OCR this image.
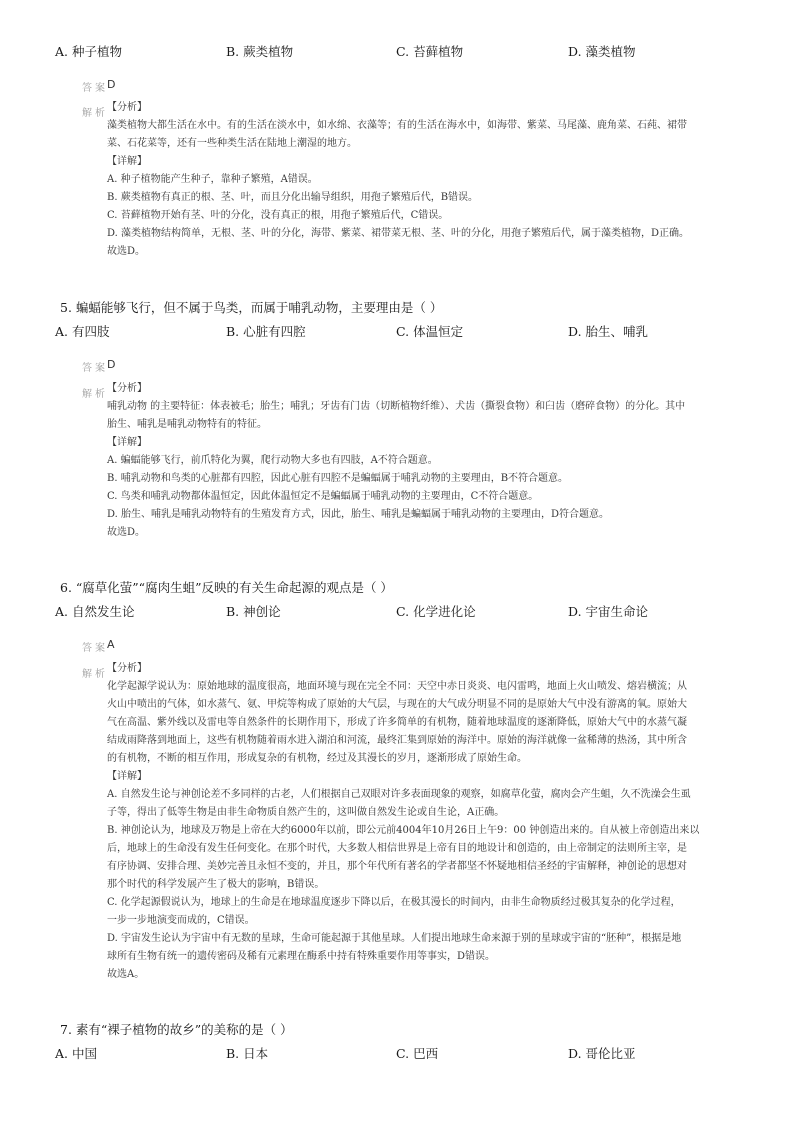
A. 种子植物	B. 蕨类植物	C. 苔藓植物	D. 藻类植物
答案 D
解析

【分析】

藻类植物大都生活在水中。有的生活在淡水中，如水绵、衣藻等；有的生活在海水中，如海带、紫菜、马尾藻、鹿角菜、石莼、裙带

菜、石花菜等，还有一些种类生活在陆地上潮湿的地方。

【详解】

A. 种子植物能产生种子，靠种子繁殖，A错误。

B. 蕨类植物有真正的根、茎、叶，而且分化出输导组织，用孢子繁殖后代，B错误。

C. 苔藓植物开始有茎、叶的分化，没有真正的根，用孢子繁殖后代，C错误。

D. 藻类植物结构简单，无根、茎、叶的分化，海带、紫菜、裙带菜无根、茎、叶的分化，用孢子繁殖后代，属于藻类植物，D正确。

故选D。

5. 蝙蝠能够飞行，但不属于鸟类，而属于哺乳动物，主要理由是（ ）
A. 有四肢	B. 心脏有四腔	C. 体温恒定	D. 胎生、哺乳
答案 D
解析

【分析】

哺乳动物 的主要特征：体表被毛；胎生；哺乳；牙齿有门齿（切断植物纤维）、犬齿（撕裂食物）和臼齿（磨碎食物）的分化。其中

胎生、哺乳是哺乳动物特有的特征。

【详解】

A. 蝙蝠能够飞行，前爪特化为翼，爬行动物大多也有四肢，A不符合题意。

B. 哺乳动物和鸟类的心脏都有四腔，因此心脏有四腔不是蝙蝠属于哺乳动物的主要理由，B不符合题意。

C. 鸟类和哺乳动物都体温恒定，因此体温恒定不是蝙蝠属于哺乳动物的主要理由，C不符合题意。

D. 胎生、哺乳是哺乳动物特有的生殖发育方式，因此，胎生、哺乳是蝙蝠属于哺乳动物的主要理由，D符合题意。

故选D。

6. “腐草化萤”“腐肉生蛆”反映的有关生命起源的观点是（ ）
A. 自然发生论	B. 神创论	C. 化学进化论	D. 宇宙生命论
答案 A
解析

【分析】

化学起源学说认为：原始地球的温度很高，地面环境与现在完全不同：天空中赤日炎炎、电闪雷鸣，地面上火山喷发、熔岩横流；从

火山中喷出的气体，如水蒸气、氨、甲烷等构成了原始的大气层，与现在的大气成分明显不同的是原始大气中没有游离的氧。原始大

气在高温、紫外线以及雷电等自然条件的长期作用下，形成了许多简单的有机物，随着地球温度的逐渐降低，原始大气中的水蒸气凝

结成雨降落到地面上，这些有机物随着雨水进入湖泊和河流，最终汇集到原始的海洋中。原始的海洋就像一盆稀薄的热汤，其中所含

的有机物，不断的相互作用，形成复杂的有机物，经过及其漫长的岁月，逐渐形成了原始生命。

【详解】

A. 自然发生论与神创论差不多同样的古老，人们根据自己双眼对许多表面现象的观察，如腐草化萤，腐肉会产生蛆，久不洗澡会生虱

子等，得出了低等生物是由非生命物质自然产生的，这叫做自然发生论或自生论，A正确。

B. 神创论认为，地球及万物是上帝在大约6000年以前，即公元前4004年10月26日上午9：00 钟创造出来的。自从被上帝创造出来以

后，地球上的生命没有发生任何变化。在那个时代，大多数人相信世界是上帝有目的地设计和创造的，由上帝制定的法则所主宰，是

有序协调、安排合理、美妙完善且永恒不变的，并且，那个年代所有著名的学者都坚不怀疑地相信圣经的宇宙解释，神创论的思想对

那个时代的科学发展产生了极大的影响，B错误。

C. 化学起源假说认为，地球上的生命是在地球温度逐步下降以后，在极其漫长的时间内，由非生命物质经过极其复杂的化学过程，

一步一步地演变而成的，C错误。

D. 宇宙发生论认为宇宙中有无数的星球，生命可能起源于其他星球。人们提出地球生命来源于别的星球或宇宙的“胚种”，根据是地

球所有生物有统一的遗传密码及稀有元素理在酶系中持有特殊重要作用等事实，D错误。

故选A。

7. 素有“裸子植物的故乡”的美称的是（ ）
A. 中国	B. 日本	C. 巴西	D. 哥伦比亚
